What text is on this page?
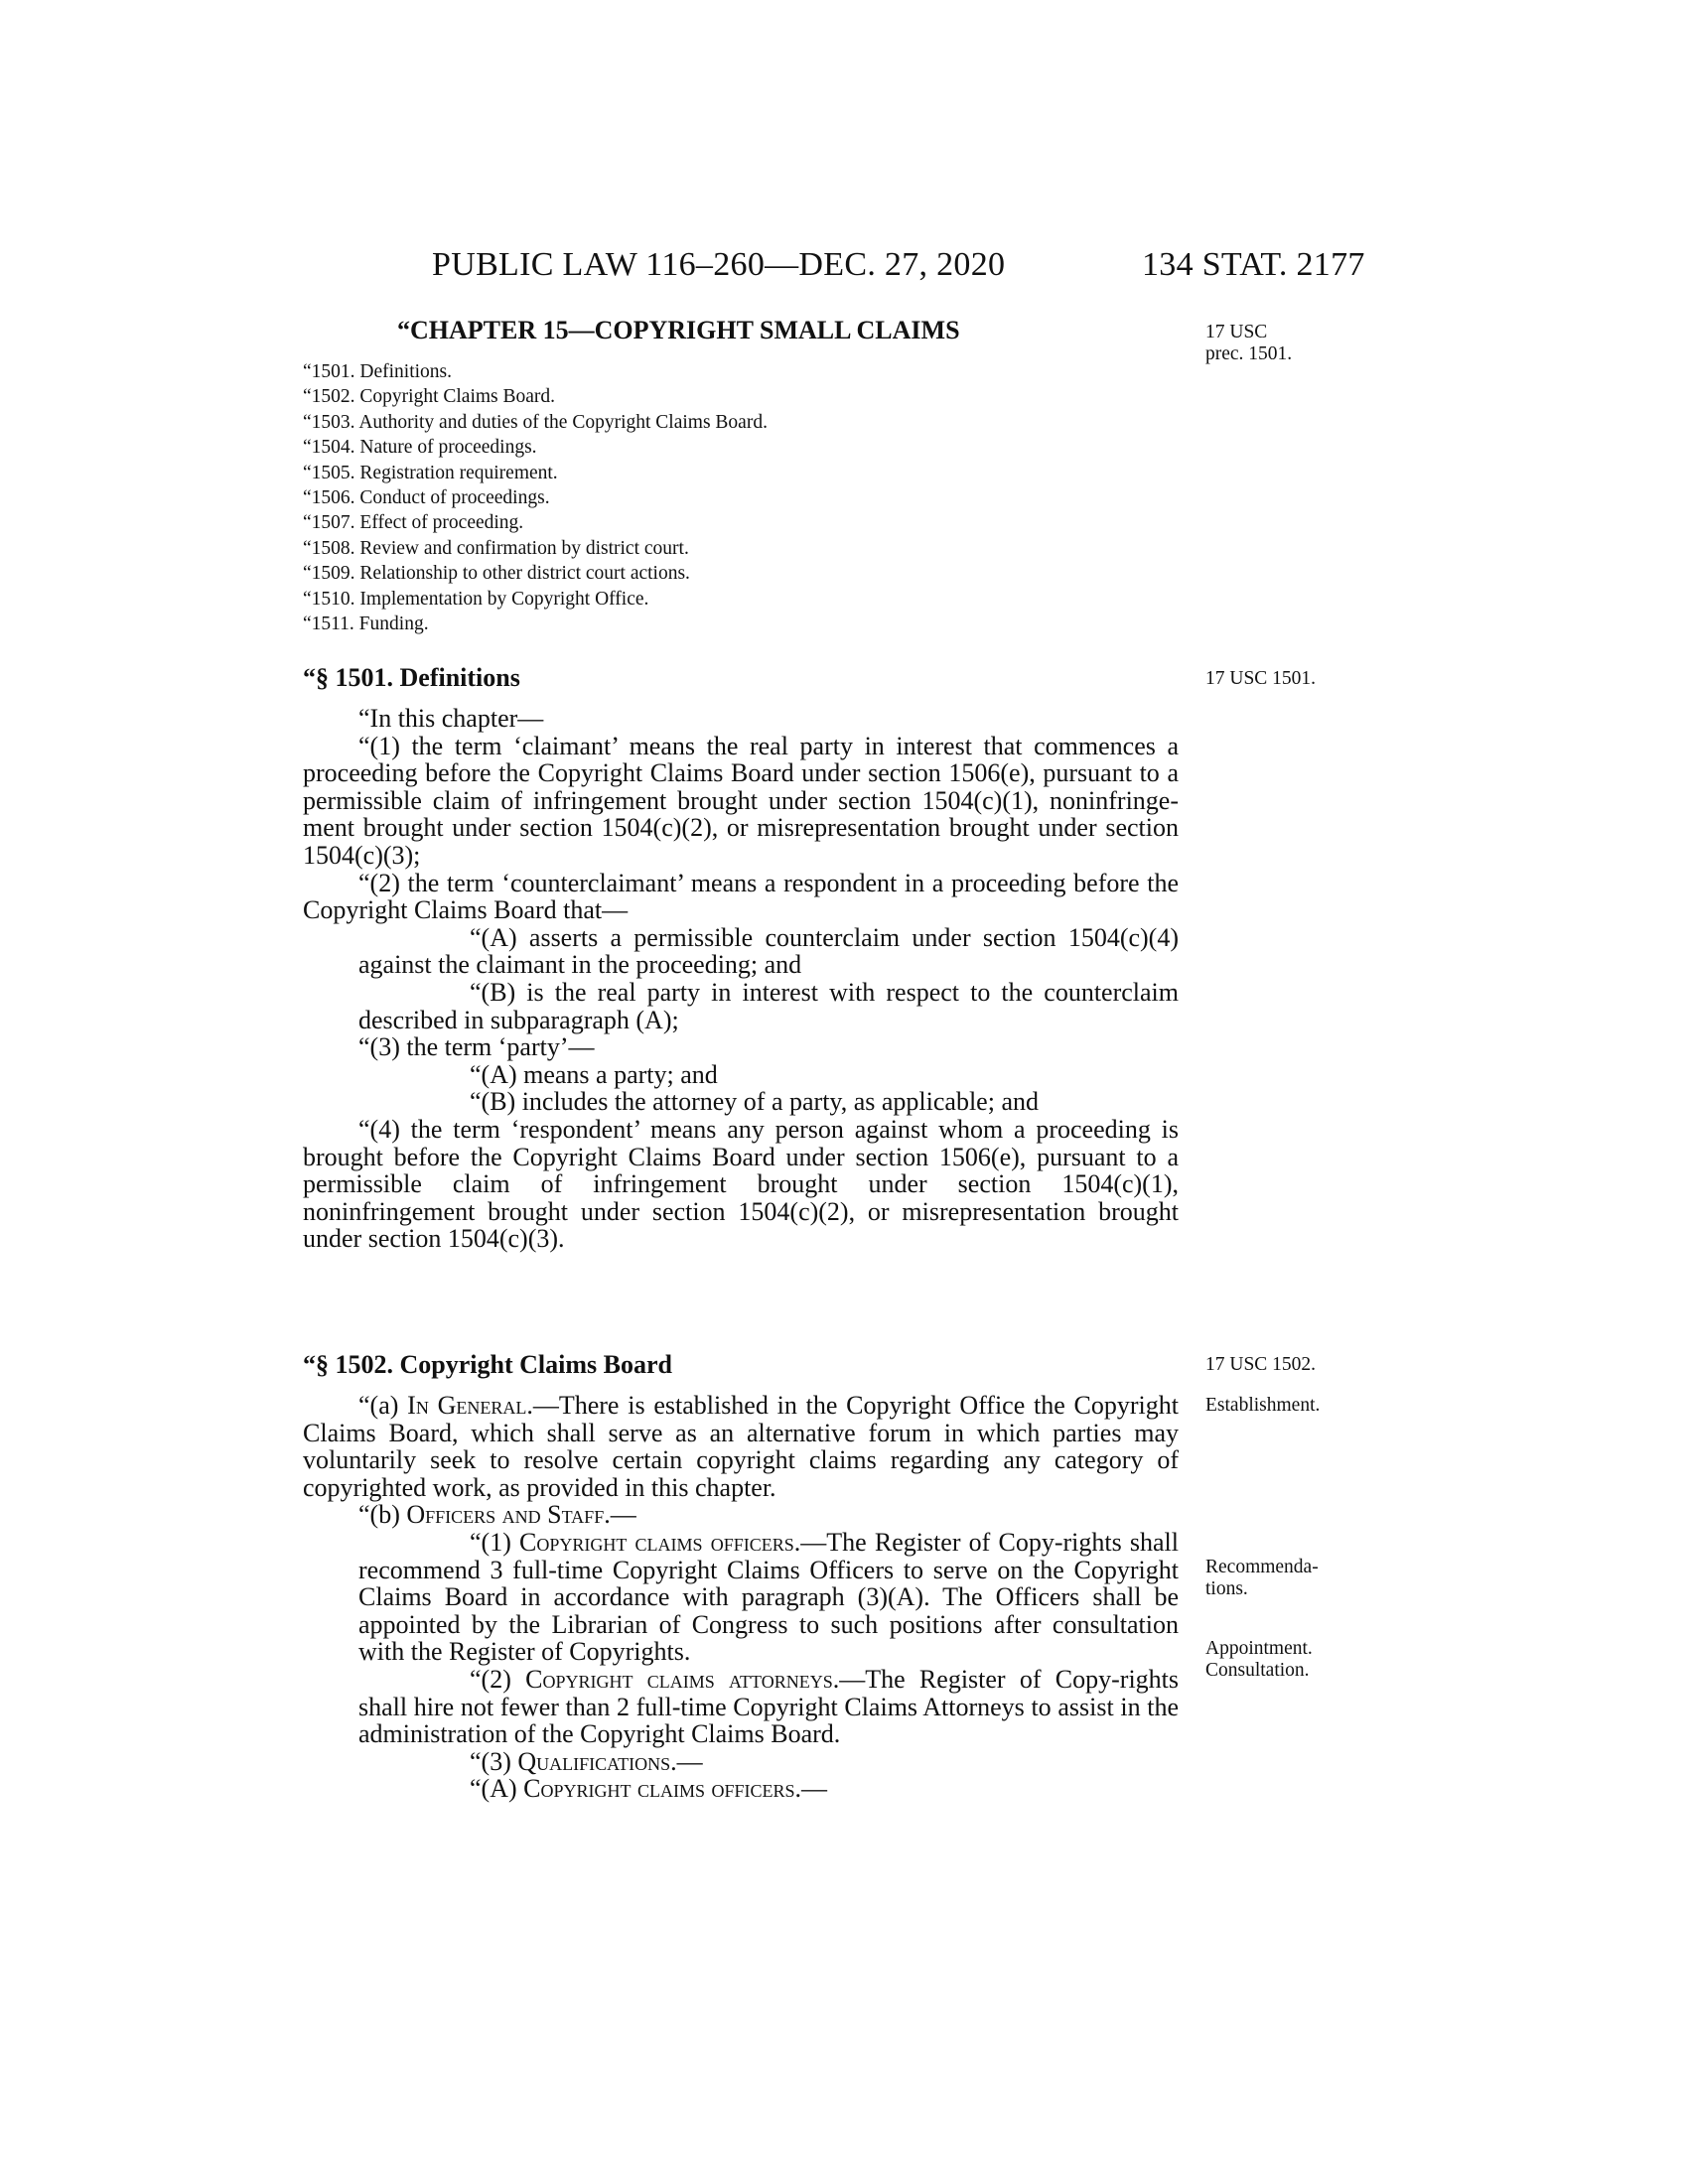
PUBLIC LAW 116–260—DEC. 27, 2020	134 STAT. 2177
“CHAPTER 15—COPYRIGHT SMALL CLAIMS	17 USC
prec. 1501.
“1501. Definitions.
“1502. Copyright Claims Board.
“1503. Authority and duties of the Copyright Claims Board.
“1504. Nature of proceedings.
“1505. Registration requirement.
“1506. Conduct of proceedings.
“1507. Effect of proceeding.
“1508. Review and confirmation by district court.
“1509. Relationship to other district court actions.
“1510. Implementation by Copyright Office.
“1511. Funding.
“§ 1501. Definitions	17 USC 1501.

“In this chapter—

“(1) the term ‘claimant’ means the real party in interest that commences a proceeding before the Copyright Claims Board under section 1506(e), pursuant to a permissible claim of infringement brought under section 1504(c)(1), noninfringe-ment brought under section 1504(c)(2), or misrepresentation brought under section 1504(c)(3);

“(2) the term ‘counterclaimant’ means a respondent in a proceeding before the Copyright Claims Board that—

“(A) asserts a permissible counterclaim under section 1504(c)(4) against the claimant in the proceeding; and

“(B) is the real party in interest with respect to the counterclaim described in subparagraph (A);

“(3) the term ‘party’—

“(A) means a party; and

“(B) includes the attorney of a party, as applicable; and

“(4) the term ‘respondent’ means any person against whom a proceeding is brought before the Copyright Claims Board under section 1506(e), pursuant to a permissible claim of infringement brought under section 1504(c)(1), noninfringement brought under section 1504(c)(2), or misrepresentation brought under section 1504(c)(3).

“§ 1502. Copyright Claims Board	17 USC 1502.
Establishment.
Recommenda-
tions.
Appointment.
Consultation.

“(a) In General.—There is established in the Copyright Office the Copyright Claims Board, which shall serve as an alternative forum in which parties may voluntarily seek to resolve certain copyright claims regarding any category of copyrighted work, as provided in this chapter.

“(b) Officers and Staff.—

“(1) Copyright claims officers.—The Register of Copy-rights shall recommend 3 full-time Copyright Claims Officers to serve on the Copyright Claims Board in accordance with paragraph (3)(A). The Officers shall be appointed by the Librarian of Congress to such positions after consultation with the Register of Copyrights.

“(2) Copyright claims attorneys.—The Register of Copy-rights shall hire not fewer than 2 full-time Copyright Claims Attorneys to assist in the administration of the Copyright Claims Board.

“(3) Qualifications.—

“(A) Copyright claims officers.—
